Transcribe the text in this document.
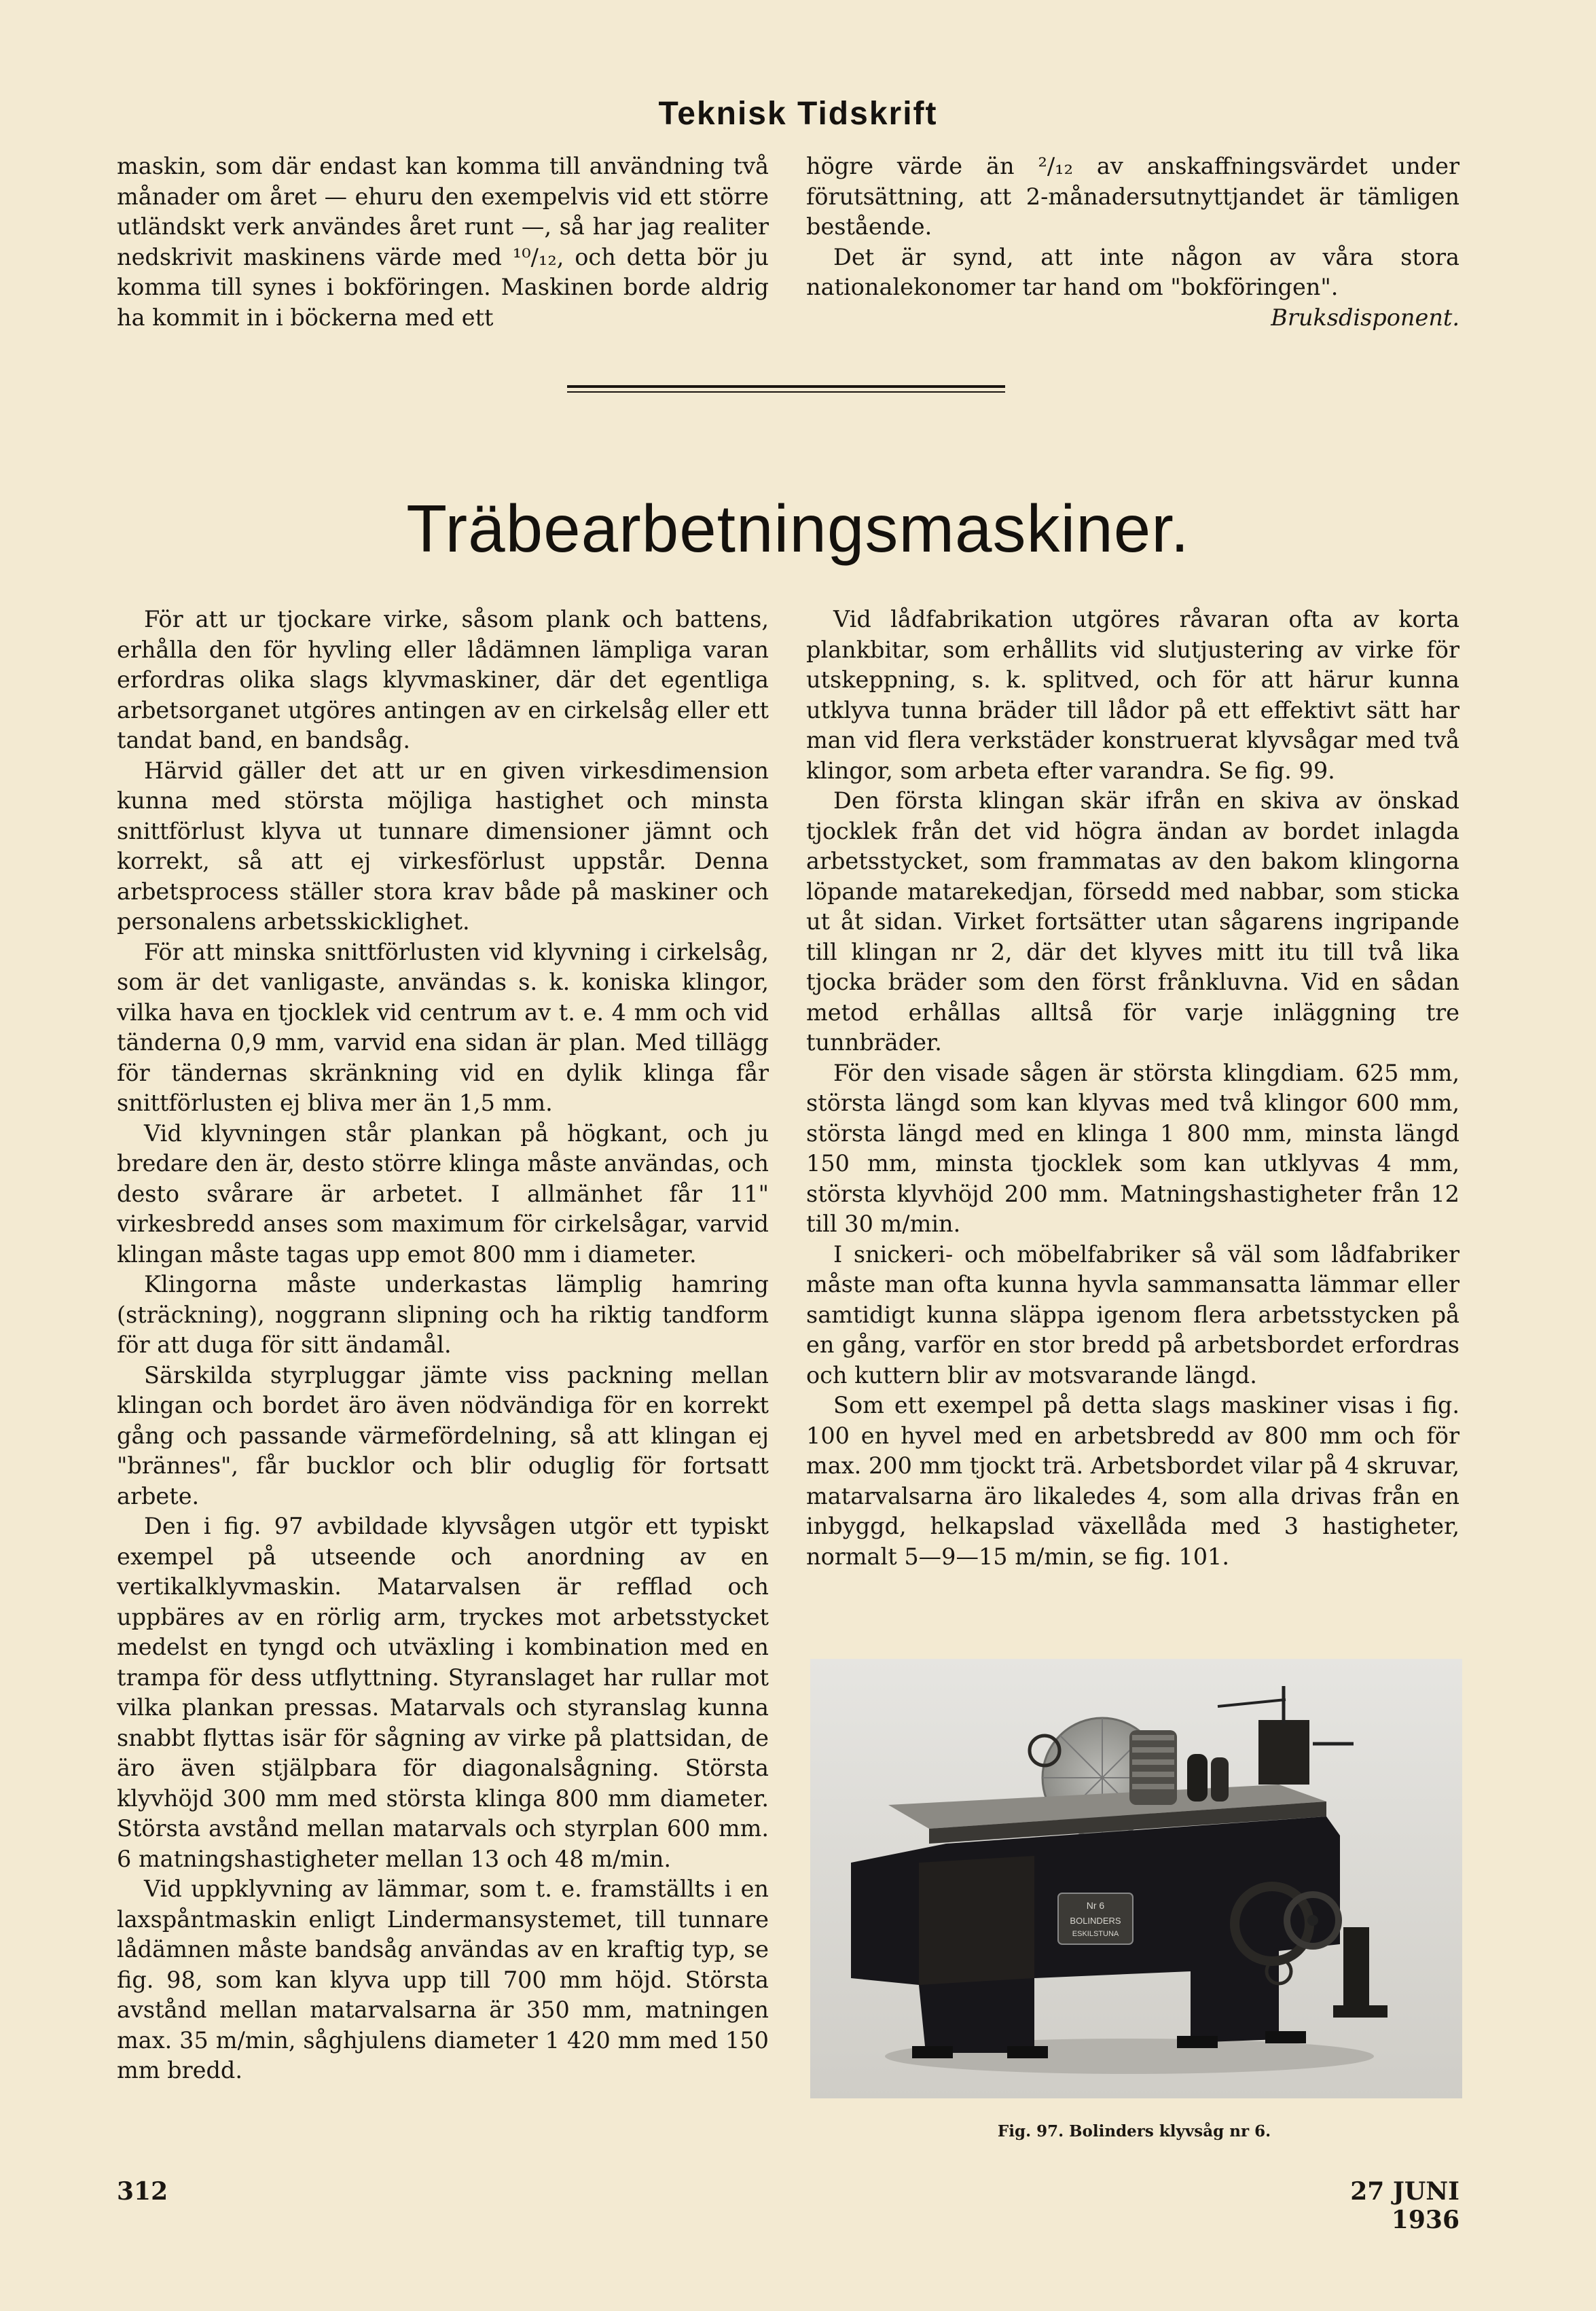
Teknisk Tidskrift

maskin, som där endast kan komma till användning två månader om året — ehuru den exempelvis vid ett större utländskt verk användes året runt —, så har jag realiter nedskrivit maskinens värde med ¹⁰/₁₂, och detta bör ju komma till synes i bokföringen. Maskinen borde aldrig ha kommit in i böckerna med ett

högre värde än ²/₁₂ av anskaffningsvärdet under förutsättning, att 2-månadersutnyttjandet är tämligen bestående.

Det är synd, att inte någon av våra stora nationalekonomer tar hand om "bokföringen".

Bruksdisponent.

Träbearbetningsmaskiner.

För att ur tjockare virke, såsom plank och battens, erhålla den för hyvling eller lådämnen lämpliga varan erfordras olika slags klyvmaskiner, där det egentliga arbetsorganet utgöres antingen av en cirkelsåg eller ett tandat band, en bandsåg.

Härvid gäller det att ur en given virkesdimension kunna med största möjliga hastighet och minsta snittförlust klyva ut tunnare dimensioner jämnt och korrekt, så att ej virkesförlust uppstår. Denna arbetsprocess ställer stora krav både på maskiner och personalens arbetsskicklighet.

För att minska snittförlusten vid klyvning i cirkelsåg, som är det vanligaste, användas s. k. koniska klingor, vilka hava en tjocklek vid centrum av t. e. 4 mm och vid tänderna 0,9 mm, varvid ena sidan är plan. Med tillägg för tändernas skränkning vid en dylik klinga får snittförlusten ej bliva mer än 1,5 mm.

Vid klyvningen står plankan på högkant, och ju bredare den är, desto större klinga måste användas, och desto svårare är arbetet. I allmänhet får 11" virkesbredd anses som maximum för cirkelsågar, varvid klingan måste tagas upp emot 800 mm i diameter.

Klingorna måste underkastas lämplig hamring (sträckning), noggrann slipning och ha riktig tandform för att duga för sitt ändamål.

Särskilda styrpluggar jämte viss packning mellan klingan och bordet äro även nödvändiga för en korrekt gång och passande värmefördelning, så att klingan ej "brännes", får bucklor och blir oduglig för fortsatt arbete.

Den i fig. 97 avbildade klyvsågen utgör ett typiskt exempel på utseende och anordning av en vertikalklyvmaskin. Matarvalsen är refflad och uppbäres av en rörlig arm, tryckes mot arbetsstycket medelst en tyngd och utväxling i kombination med en trampa för dess utflyttning. Styranslaget har rullar mot vilka plankan pressas. Matarvals och styranslag kunna snabbt flyttas isär för sågning av virke på plattsidan, de äro även stjälpbara för diagonalsågning. Största klyvhöjd 300 mm med största klinga 800 mm diameter. Största avstånd mellan matarvals och styrplan 600 mm. 6 matningshastigheter mellan 13 och 48 m/min.

Vid uppklyvning av lämmar, som t. e. framställts i en laxspåntmaskin enligt Lindermansystemet, till tunnare lådämnen måste bandsåg användas av en kraftig typ, se fig. 98, som kan klyva upp till 700 mm höjd. Största avstånd mellan matarvalsarna är 350 mm, matningen max. 35 m/min, såghjulens diameter 1 420 mm med 150 mm bredd.

Vid lådfabrikation utgöres råvaran ofta av korta plankbitar, som erhållits vid slutjustering av virke för utskeppning, s. k. splitved, och för att härur kunna utklyva tunna bräder till lådor på ett effektivt sätt har man vid flera verkstäder konstruerat klyvsågar med två klingor, som arbeta efter varandra. Se fig. 99.

Den första klingan skär ifrån en skiva av önskad tjocklek från det vid högra ändan av bordet inlagda arbetsstycket, som frammatas av den bakom klingorna löpande matarekedjan, försedd med nabbar, som sticka ut åt sidan. Virket fortsätter utan sågarens ingripande till klingan nr 2, där det klyves mitt itu till två lika tjocka bräder som den först frånkluvna. Vid en sådan metod erhållas alltså för varje inläggning tre tunnbräder.

För den visade sågen är största klingdiam. 625 mm, största längd som kan klyvas med två klingor 600 mm, största längd med en klinga 1 800 mm, minsta längd 150 mm, minsta tjocklek som kan utklyvas 4 mm, största klyvhöjd 200 mm. Matningshastigheter från 12 till 30 m/min.

I snickeri- och möbelfabriker så väl som lådfabriker måste man ofta kunna hyvla sammansatta lämmar eller samtidigt kunna släppa igenom flera arbetsstycken på en gång, varför en stor bredd på arbetsbordet erfordras och kuttern blir av motsvarande längd.

Som ett exempel på detta slags maskiner visas i fig. 100 en hyvel med en arbetsbredd av 800 mm och för max. 200 mm tjockt trä. Arbetsbordet vilar på 4 skruvar, matarvalsarna äro likaledes 4, som alla drivas från en inbyggd, helkapslad växellåda med 3 hastigheter, normalt 5—9—15 m/min, se fig. 101.

Nr 6
BOLINDERS
ESKILSTUNA
Fig. 97. Bolinders klyvsåg nr 6.
312	27 JUNI 1936
